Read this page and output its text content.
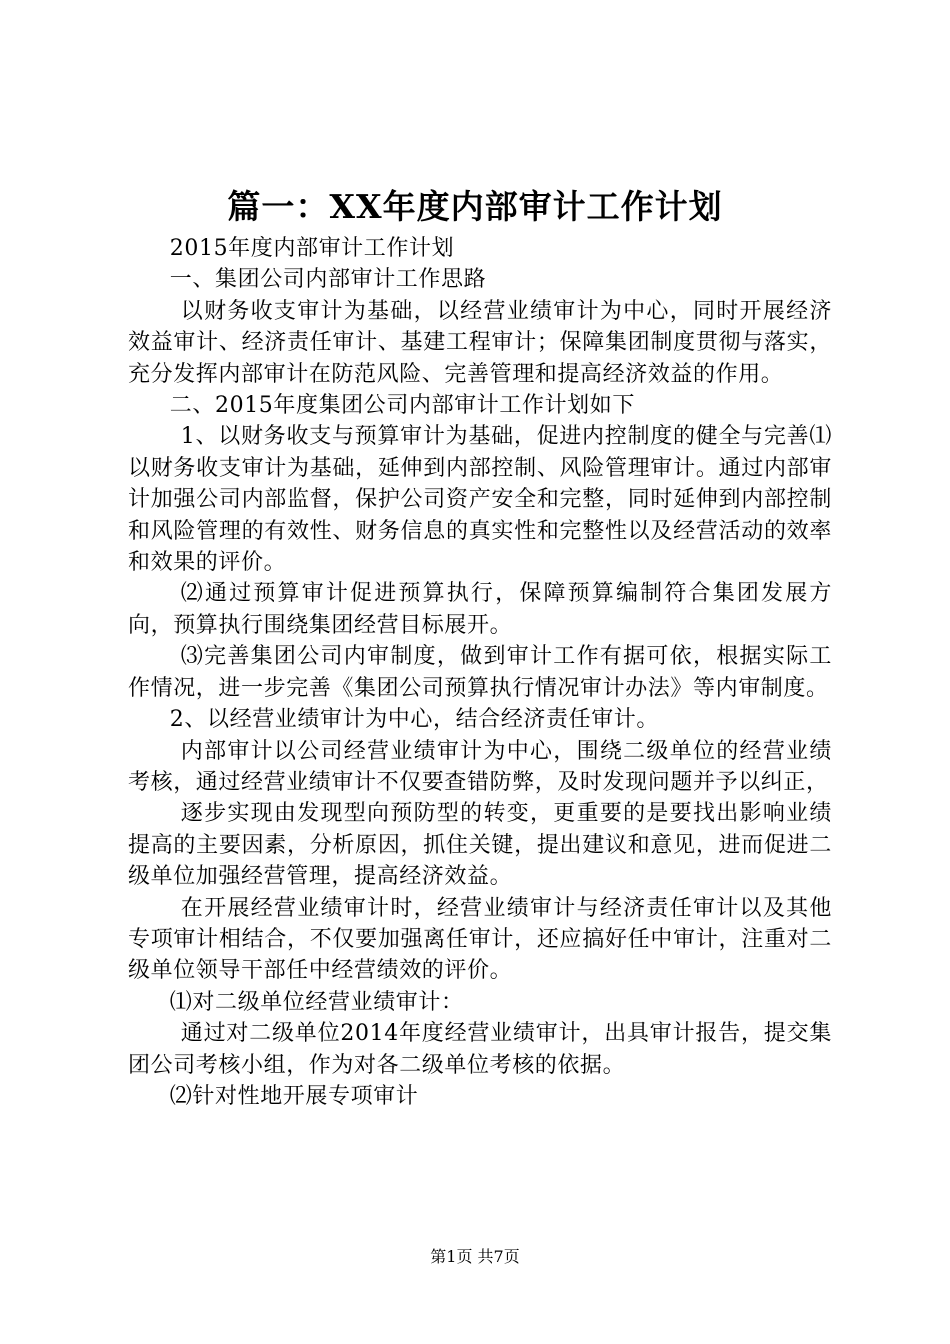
篇一：XX年度内部审计工作计划

2015年度内部审计工作计划

一、集团公司内部审计工作思路

以财务收支审计为基础，以经营业绩审计为中心，同时开展经济效益审计、经济责任审计、基建工程审计；保障集团制度贯彻与落实，充分发挥内部审计在防范风险、完善管理和提高经济效益的作用。

二、2015年度集团公司内部审计工作计划如下

1、以财务收支与预算审计为基础，促进内控制度的健全与完善⑴以财务收支审计为基础，延伸到内部控制、风险管理审计。通过内部审计加强公司内部监督，保护公司资产安全和完整，同时延伸到内部控制和风险管理的有效性、财务信息的真实性和完整性以及经营活动的效率和效果的评价。

⑵通过预算审计促进预算执行，保障预算编制符合集团发展方向，预算执行围绕集团经营目标展开。

⑶完善集团公司内审制度，做到审计工作有据可依，根据实际工作情况，进一步完善《集团公司预算执行情况审计办法》等内审制度。

2、以经营业绩审计为中心，结合经济责任审计。

内部审计以公司经营业绩审计为中心，围绕二级单位的经营业绩考核，通过经营业绩审计不仅要查错防弊，及时发现问题并予以纠正，

逐步实现由发现型向预防型的转变，更重要的是要找出影响业绩提高的主要因素，分析原因，抓住关键，提出建议和意见，进而促进二级单位加强经营管理，提高经济效益。

在开展经营业绩审计时，经营业绩审计与经济责任审计以及其他专项审计相结合，不仅要加强离任审计，还应搞好任中审计，注重对二级单位领导干部任中经营绩效的评价。

⑴对二级单位经营业绩审计：

通过对二级单位2014年度经营业绩审计，出具审计报告，提交集团公司考核小组，作为对各二级单位考核的依据。

⑵针对性地开展专项审计

第1页 共7页
